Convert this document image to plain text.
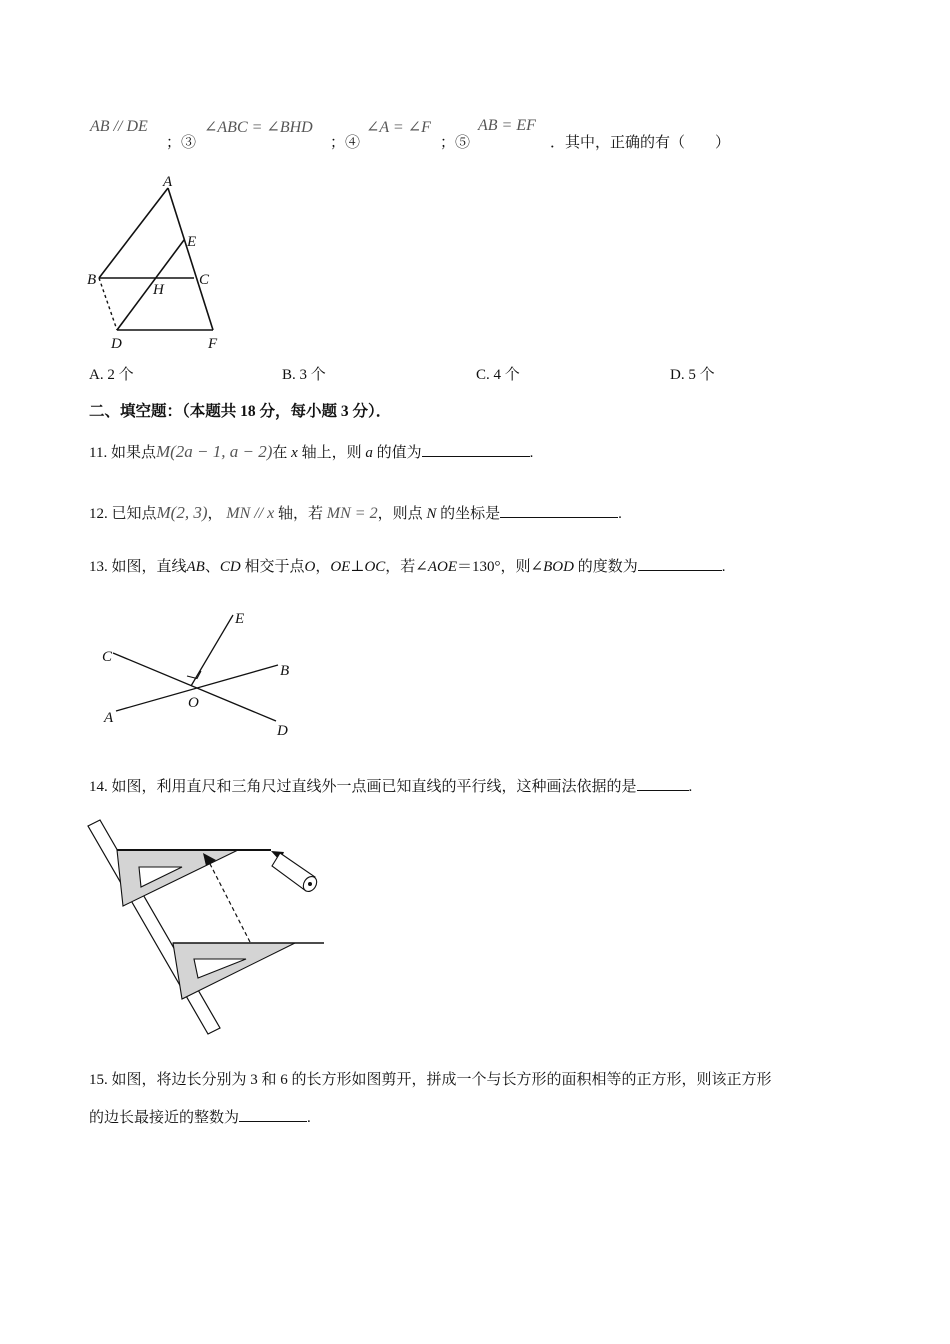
AB // DE
；③
∠ABC = ∠BHD
；④
∠A = ∠F
；⑤
AB = EF
．其中，正确的有（　　）
A
E
B	C
H
D	F
A. 2 个	B. 3 个	C. 4 个	D. 5 个
二、填空题：（本题共 18 分，每小题 3 分）．
11. 如果点M(2a − 1, a − 2)在 x 轴上，则 a 的值为	.
12. 已知点M(2, 3)， MN // x 轴，若 MN = 2，则点 N 的坐标是	.
13. 如图，直线AB、CD 相交于点O，OE⊥OC，若∠AOE＝130°，则∠BOD 的度数为	.
C
E
B
O
A
D
14. 如图，利用直尺和三角尺过直线外一点画已知直线的平行线，这种画法依据的是	.
15. 如图，将边长分别为 3 和 6 的长方形如图剪开，拼成一个与长方形的面积相等的正方形，则该正方形
的边长最接近的整数为	.
